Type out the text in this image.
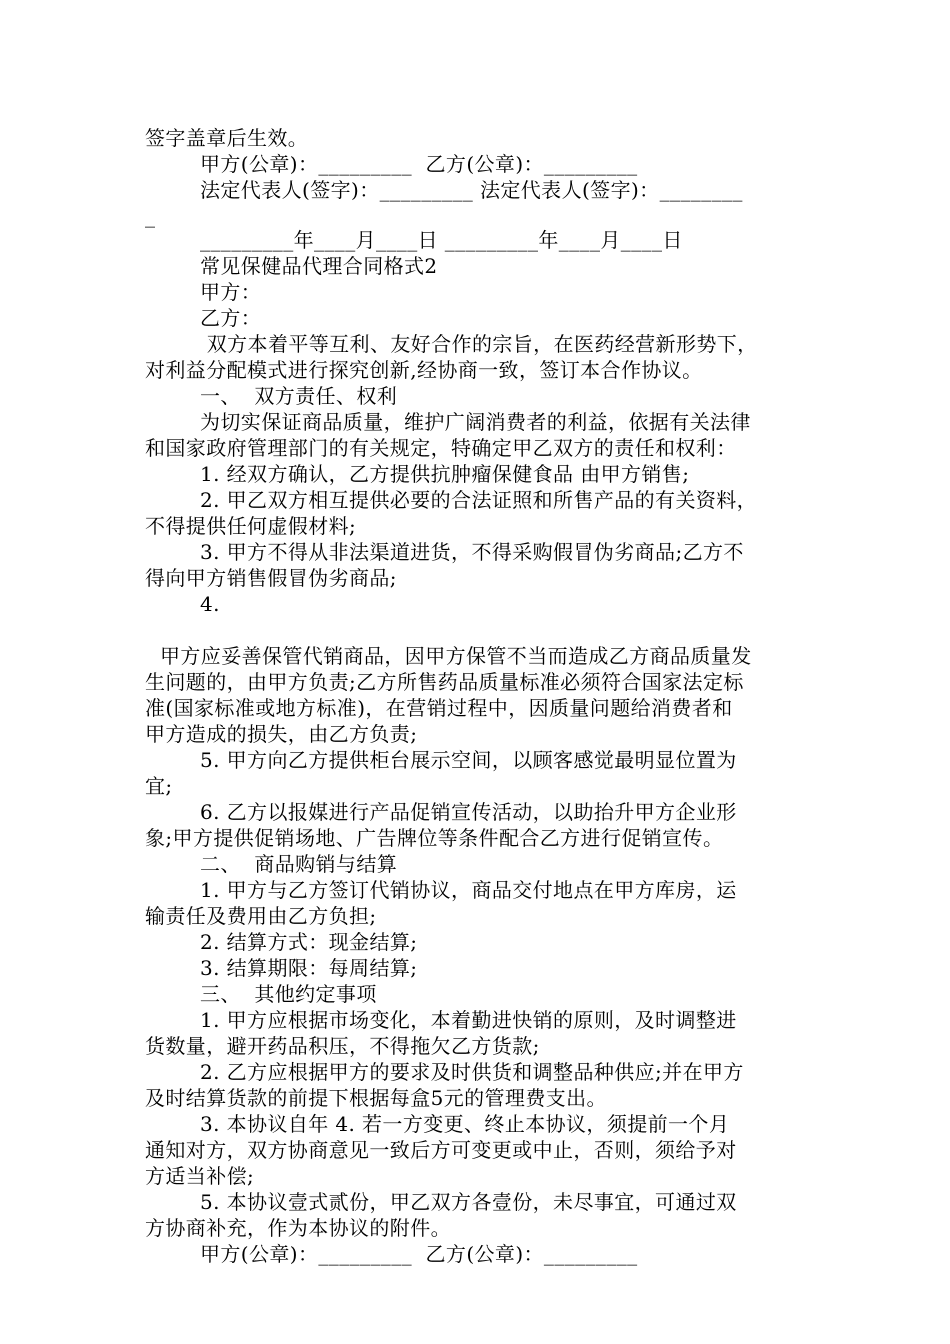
签字盖章后生效。
甲方(公章)：_________  乙方(公章)：_________
法定代表人(签字)：_________ 法定代表人(签字)：________
_
_________年____月____日 _________年____月____日
常见保健品代理合同格式2
甲方：
乙方：
双方本着平等互利、友好合作的宗旨，在医药经营新形势下，
对利益分配模式进行探究创新,经协商一致，签订本合作协议。
一、  双方责任、权利
为切实保证商品质量，维护广阔消费者的利益，依据有关法律
和国家政府管理部门的有关规定，特确定甲乙双方的责任和权利：
1. 经双方确认，乙方提供抗肿瘤保健食品 由甲方销售;
2. 甲乙双方相互提供必要的合法证照和所售产品的有关资料，
不得提供任何虚假材料;
3. 甲方不得从非法渠道进货，不得采购假冒伪劣商品;乙方不
得向甲方销售假冒伪劣商品;
4.
甲方应妥善保管代销商品，因甲方保管不当而造成乙方商品质量发
生问题的，由甲方负责;乙方所售药品质量标准必须符合国家法定标
准(国家标准或地方标准)，在营销过程中，因质量问题给消费者和
甲方造成的损失，由乙方负责;
5. 甲方向乙方提供柜台展示空间，以顾客感觉最明显位置为
宜;
6. 乙方以报媒进行产品促销宣传活动，以助抬升甲方企业形
象;甲方提供促销场地、广告牌位等条件配合乙方进行促销宣传。
二、  商品购销与结算
1. 甲方与乙方签订代销协议，商品交付地点在甲方库房，运
输责任及费用由乙方负担;
2. 结算方式：现金结算;
3. 结算期限：每周结算;
三、  其他约定事项
1. 甲方应根据市场变化，本着勤进快销的原则，及时调整进
货数量，避开药品积压，不得拖欠乙方货款;
2. 乙方应根据甲方的要求及时供货和调整品种供应;并在甲方
及时结算货款的前提下根据每盒5元的管理费支出。
3. 本协议自年 4. 若一方变更、终止本协议，须提前一个月
通知对方，双方协商意见一致后方可变更或中止，否则，须给予对
方适当补偿;
5. 本协议壹式贰份，甲乙双方各壹份，未尽事宜，可通过双
方协商补充，作为本协议的附件。
甲方(公章)：_________  乙方(公章)：_________
